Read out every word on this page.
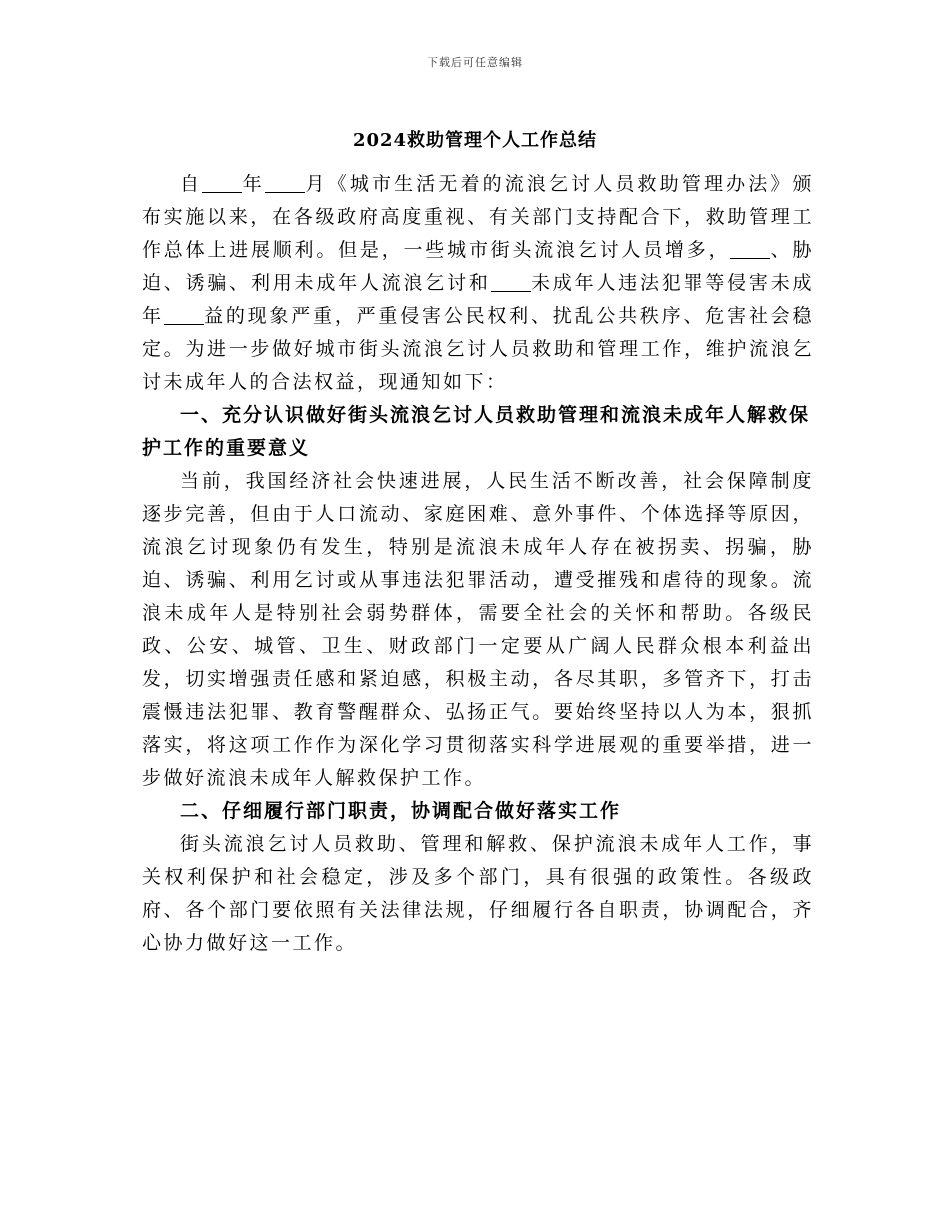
下载后可任意编辑
2024救助管理个人工作总结

自 年 月《城市生活无着的流浪乞讨人员救助管理办法》颁布实施以来，在各级政府高度重视、有关部门支持配合下，救助管理工作总体上进展顺利。但是，一些城市街头流浪乞讨人员增多， 、胁迫、诱骗、利用未成年人流浪乞讨和 未成年人违法犯罪等侵害未成年 益的现象严重，严重侵害公民权利、扰乱公共秩序、危害社会稳定。为进一步做好城市街头流浪乞讨人员救助和管理工作，维护流浪乞讨未成年人的合法权益，现通知如下：

一、充分认识做好街头流浪乞讨人员救助管理和流浪未成年人解救保护工作的重要意义

当前，我国经济社会快速进展，人民生活不断改善，社会保障制度逐步完善，但由于人口流动、家庭困难、意外事件、个体选择等原因，流浪乞讨现象仍有发生，特别是流浪未成年人存在被拐卖、拐骗，胁迫、诱骗、利用乞讨或从事违法犯罪活动，遭受摧残和虐待的现象。流浪未成年人是特别社会弱势群体，需要全社会的关怀和帮助。各级民政、公安、城管、卫生、财政部门一定要从广阔人民群众根本利益出发，切实增强责任感和紧迫感，积极主动，各尽其职，多管齐下，打击震慑违法犯罪、教育警醒群众、弘扬正气。要始终坚持以人为本，狠抓落实，将这项工作作为深化学习贯彻落实科学进展观的重要举措，进一步做好流浪未成年人解救保护工作。

二、仔细履行部门职责，协调配合做好落实工作

街头流浪乞讨人员救助、管理和解救、保护流浪未成年人工作，事关权利保护和社会稳定，涉及多个部门，具有很强的政策性。各级政府、各个部门要依照有关法律法规，仔细履行各自职责，协调配合，齐心协力做好这一工作。
